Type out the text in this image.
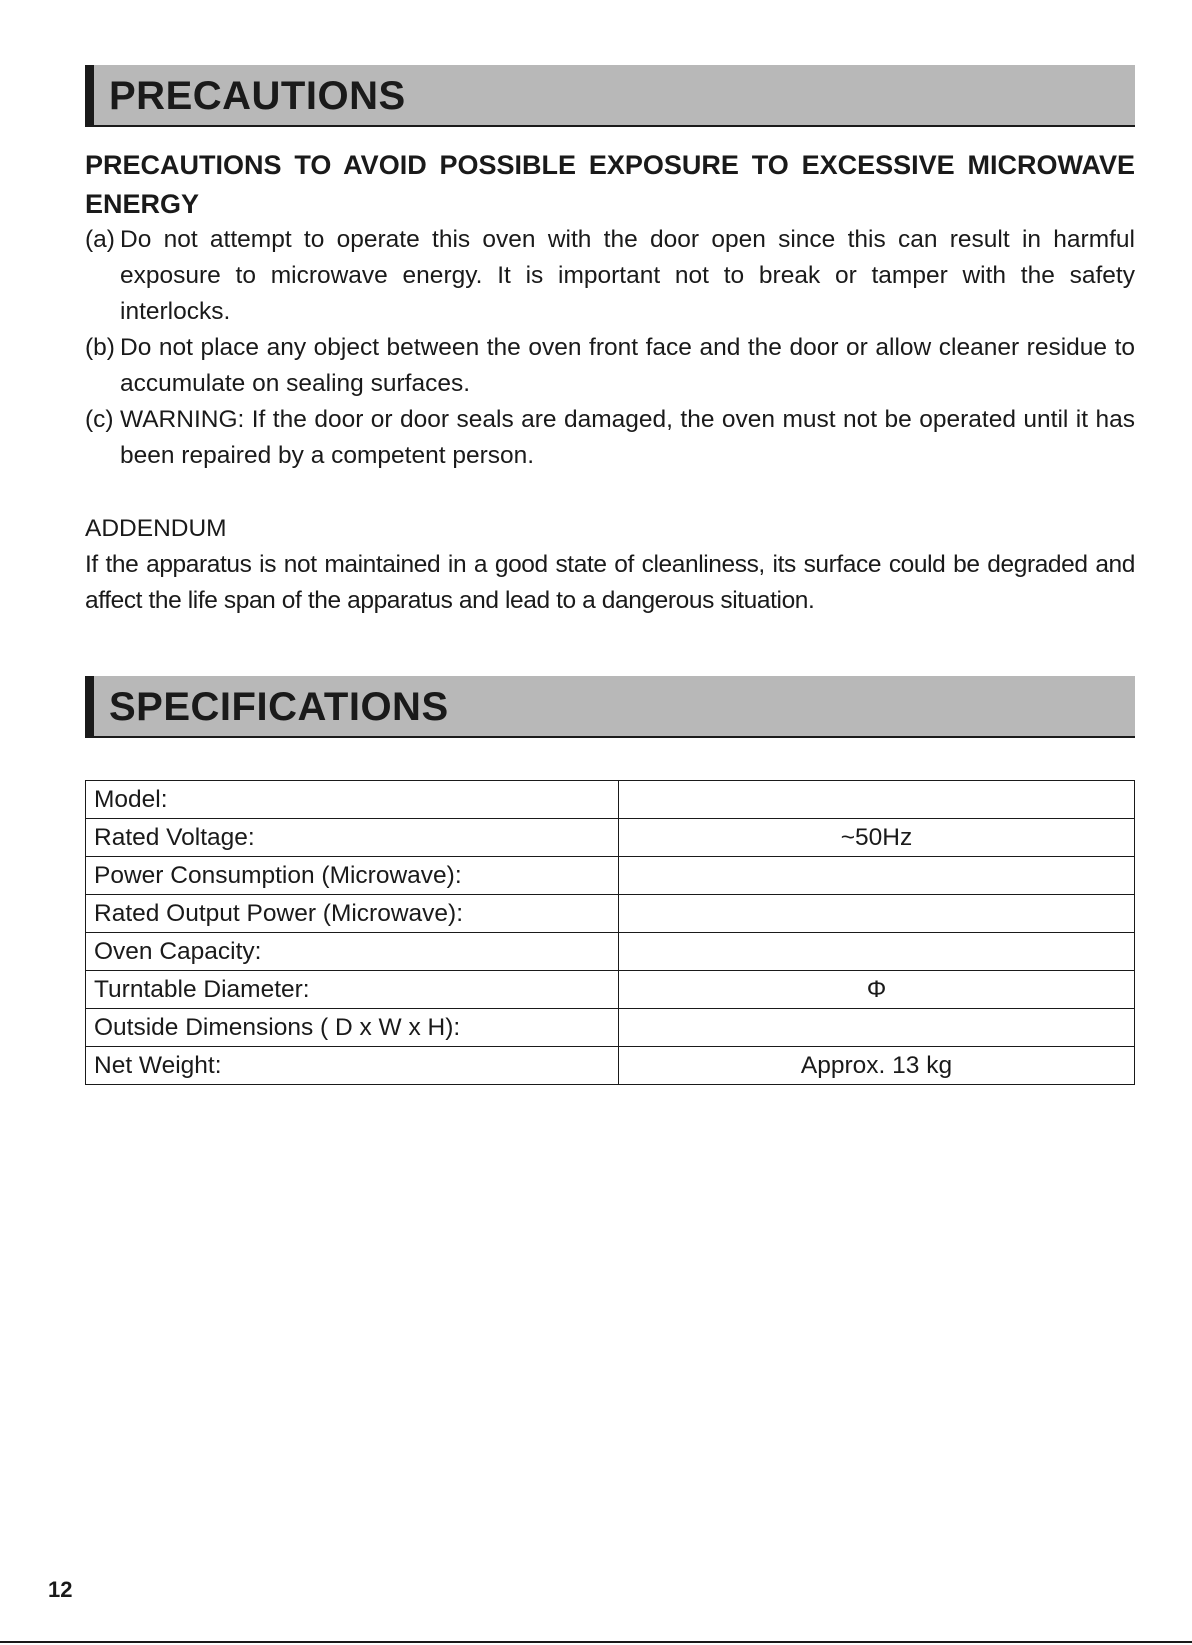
PRECAUTIONS
PRECAUTIONS TO AVOID POSSIBLE EXPOSURE TO EXCESSIVE MICROWAVE ENERGY
(a) Do not attempt to operate this oven with the door open since this can result in harmful exposure to microwave energy. It is important not to break or tamper with the safety interlocks.
(b) Do not place any object between the oven front face and the door or allow cleaner residue to accumulate on sealing surfaces.
(c) WARNING: If the door or door seals are damaged, the oven must not be operated until it has been repaired by a competent person.
ADDENDUM
If the apparatus is not maintained in a good state of cleanliness, its surface could be degraded and affect the life span of the apparatus and lead to a dangerous situation.
SPECIFICATIONS
Model:	
Rated Voltage:	~50Hz
Power Consumption (Microwave):	
Rated Output Power (Microwave):	
Oven Capacity:	
Turntable Diameter:	Φ
Outside Dimensions ( D x W x H):	
Net Weight:	Approx. 13 kg
12
